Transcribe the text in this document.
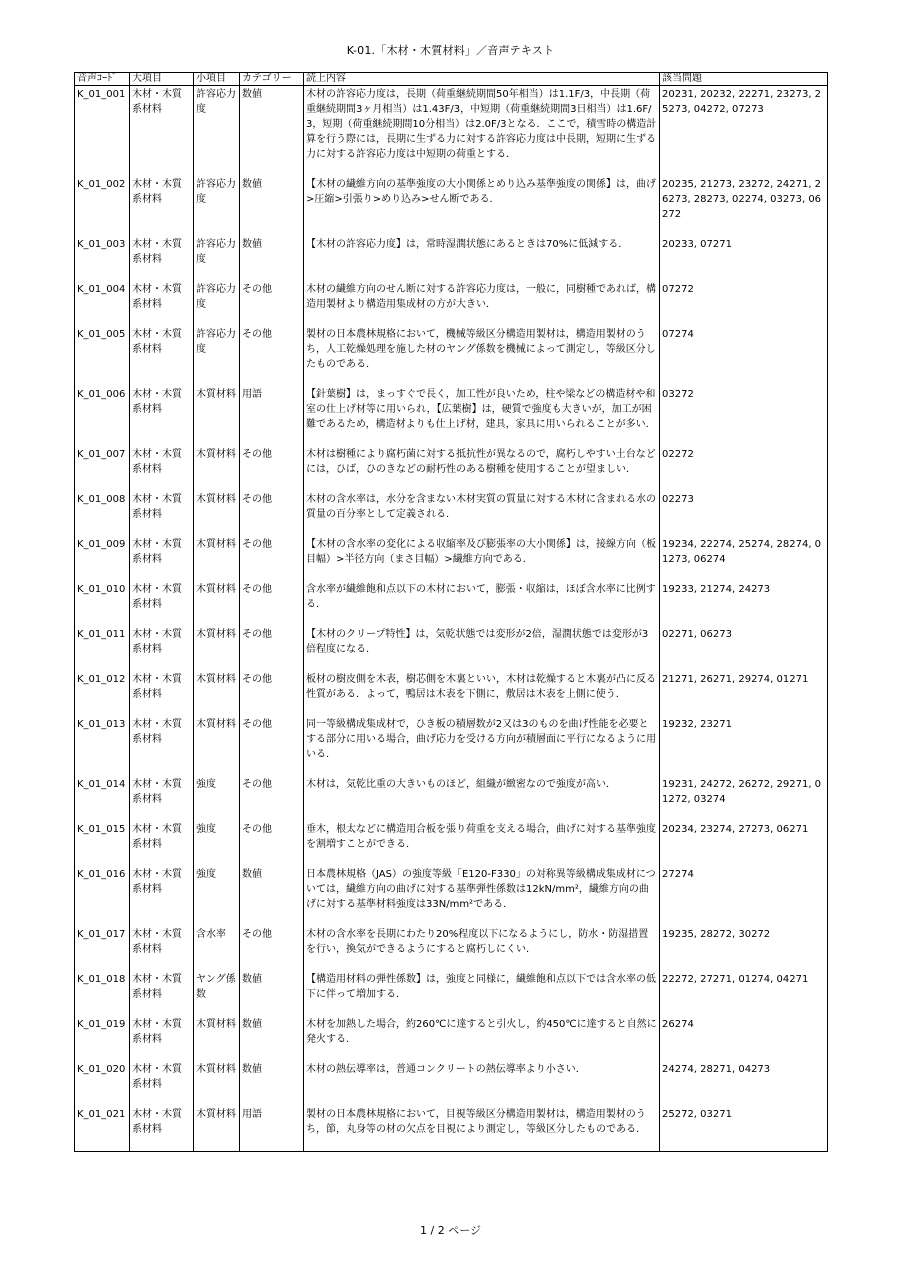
K-01.「木材・木質材料」／音声テキスト
音声ｺｰﾄﾞ	大項目	小項目	カテゴリー	読上内容	該当問題
K_01_001	木材・木質系材料	許容応力度	数値	木材の許容応力度は，長期（荷重継続期間50年相当）は1.1F/3，中長期（荷重継続期間3ヶ月相当）は1.43F/3，中短期（荷重継続期間3日相当）は1.6F/3，短期（荷重継続期間10分相当）は2.0F/3となる．ここで，積雪時の構造計算を行う際には，長期に生ずる力に対する許容応力度は中長期，短期に生ずる力に対する許容応力度は中短期の荷重とする．	20231, 20232, 22271, 23273, 25273, 04272, 07273
K_01_002	木材・木質系材料	許容応力度	数値	【木材の繊維方向の基準強度の大小関係とめり込み基準強度の関係】は，曲げ>圧縮>引張り>めり込み>せん断である．	20235, 21273, 23272, 24271, 26273, 28273, 02274, 03273, 06272
K_01_003	木材・木質系材料	許容応力度	数値	【木材の許容応力度】は，常時湿潤状態にあるときは70%に低減する．	20233, 07271
K_01_004	木材・木質系材料	許容応力度	その他	木材の繊維方向のせん断に対する許容応力度は，一般に，同樹種であれば，構造用製材より構造用集成材の方が大きい．	07272
K_01_005	木材・木質系材料	許容応力度	その他	製材の日本農林規格において，機械等級区分構造用製材は，構造用製材のうち，人工乾燥処理を施した材のヤング係数を機械によって測定し，等級区分したものである．	07274
K_01_006	木材・木質系材料	木質材料	用語	【針葉樹】は，まっすぐで長く，加工性が良いため，柱や梁などの構造材や和室の仕上げ材等に用いられ，【広葉樹】は，硬質で強度も大きいが，加工が困難であるため，構造材よりも仕上げ材，建具，家具に用いられることが多い．	03272
K_01_007	木材・木質系材料	木質材料	その他	木材は樹種により腐朽菌に対する抵抗性が異なるので，腐朽しやすい土台などには，ひば，ひのきなどの耐朽性のある樹種を使用することが望ましい．	02272
K_01_008	木材・木質系材料	木質材料	その他	木材の含水率は，水分を含まない木材実質の質量に対する木材に含まれる水の質量の百分率として定義される．	02273
K_01_009	木材・木質系材料	木質材料	その他	【木材の含水率の変化による収縮率及び膨張率の大小関係】は，接線方向（板目幅）>半径方向（まさ目幅）>繊維方向である．	19234, 22274, 25274, 28274, 01273, 06274
K_01_010	木材・木質系材料	木質材料	その他	含水率が繊維飽和点以下の木材において，膨張・収縮は，ほぼ含水率に比例する．	19233, 21274, 24273
K_01_011	木材・木質系材料	木質材料	その他	【木材のクリープ特性】は，気乾状態では変形が2倍，湿潤状態では変形が3倍程度になる．	02271, 06273
K_01_012	木材・木質系材料	木質材料	その他	板材の樹皮側を木表，樹芯側を木裏といい，木材は乾燥すると木裏が凸に反る性質がある．よって，鴨居は木表を下側に，敷居は木表を上側に使う．	21271, 26271, 29274, 01271
K_01_013	木材・木質系材料	木質材料	その他	同一等級構成集成材で，ひき板の積層数が2又は3のものを曲げ性能を必要とする部分に用いる場合，曲げ応力を受ける方向が積層面に平行になるように用いる．	19232, 23271
K_01_014	木材・木質系材料	強度	その他	木材は，気乾比重の大きいものほど，組織が緻密なので強度が高い．	19231, 24272, 26272, 29271, 01272, 03274
K_01_015	木材・木質系材料	強度	その他	垂木，根太などに構造用合板を張り荷重を支える場合，曲げに対する基準強度を割増すことができる．	20234, 23274, 27273, 06271
K_01_016	木材・木質系材料	強度	数値	日本農林規格（JAS）の強度等級「E120-F330」の対称異等級構成集成材については，繊維方向の曲げに対する基準弾性係数は12kN/mm²，繊維方向の曲げに対する基準材料強度は33N/mm²である．	27274
K_01_017	木材・木質系材料	含水率	その他	木材の含水率を長期にわたり20%程度以下になるようにし，防水・防湿措置を行い，換気ができるようにすると腐朽しにくい．	19235, 28272, 30272
K_01_018	木材・木質系材料	ヤング係数	数値	【構造用材料の弾性係数】は，強度と同様に，繊維飽和点以下では含水率の低下に伴って増加する．	22272, 27271, 01274, 04271
K_01_019	木材・木質系材料	木質材料	数値	木材を加熱した場合，約260℃に達すると引火し，約450℃に達すると自然に発火する．	26274
K_01_020	木材・木質系材料	木質材料	数値	木材の熱伝導率は，普通コンクリートの熱伝導率より小さい．	24274, 28271, 04273
K_01_021	木材・木質系材料	木質材料	用語	製材の日本農林規格において，目視等級区分構造用製材は，構造用製材のうち，節，丸身等の材の欠点を目視により測定し，等級区分したものである．	25272, 03271
1 / 2 ページ
